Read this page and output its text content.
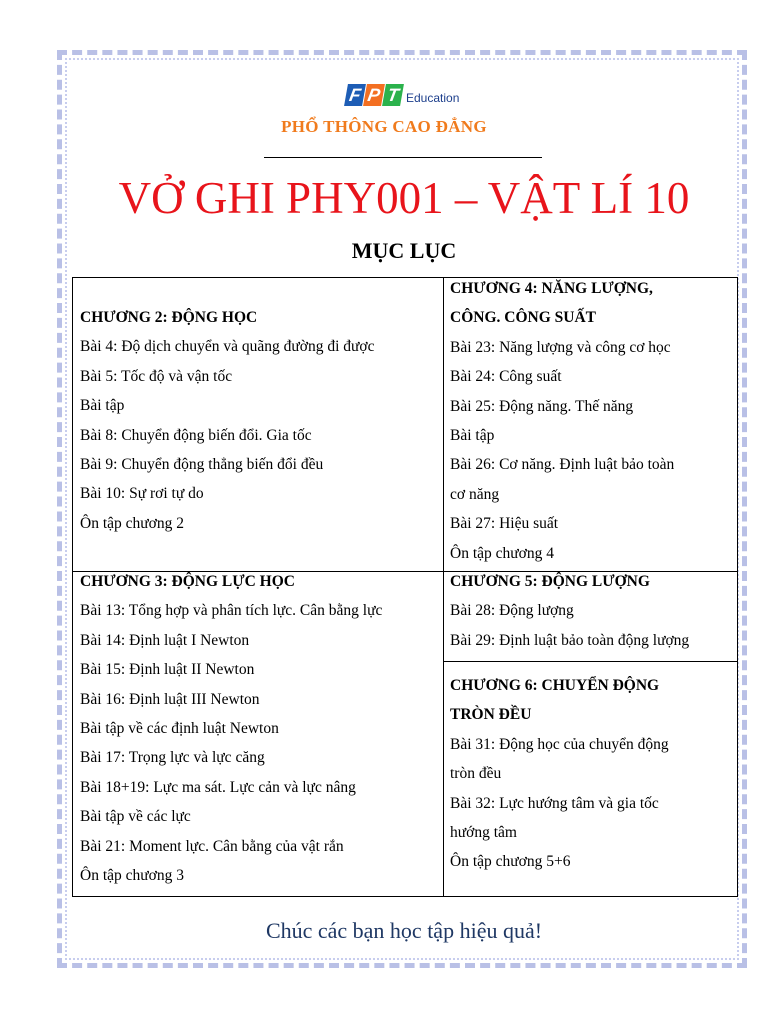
F P T Education
PHỔ THÔNG CAO ĐẲNG
VỞ GHI PHY001 – VẬT LÍ 10
MỤC LỤC
CHƯƠNG 2: ĐỘNG HỌC
Bài 4: Độ dịch chuyển và quãng đường đi được
Bài 5: Tốc độ và vận tốc
Bài tập
Bài 8: Chuyển động biến đổi. Gia tốc
Bài 9: Chuyển động thẳng biến đổi đều
Bài 10: Sự rơi tự do
Ôn tập chương 2
CHƯƠNG 4: NĂNG LƯỢNG,
CÔNG. CÔNG SUẤT
Bài 23: Năng lượng và công cơ học
Bài 24: Công suất
Bài 25: Động năng. Thế năng
Bài tập
Bài 26: Cơ năng. Định luật bảo toàn
cơ năng
Bài 27: Hiệu suất
Ôn tập chương 4
CHƯƠNG 3: ĐỘNG LỰC HỌC
Bài 13: Tổng hợp và phân tích lực. Cân bằng lực
Bài 14: Định luật I Newton
Bài 15: Định luật II Newton
Bài 16: Định luật III Newton
Bài tập về các định luật Newton
Bài 17: Trọng lực và lực căng
Bài 18+19: Lực ma sát. Lực cản và lực nâng
Bài tập về các lực
Bài 21: Moment lực. Cân bằng của vật rắn
Ôn tập chương 3
CHƯƠNG 5: ĐỘNG LƯỢNG
Bài 28: Động lượng
Bài 29: Định luật bảo toàn động lượng
CHƯƠNG 6: CHUYỂN ĐỘNG
TRÒN ĐỀU
Bài 31: Động học của chuyển động
tròn đều
Bài 32: Lực hướng tâm và gia tốc
hướng tâm
Ôn tập chương 5+6
Chúc các bạn học tập hiệu quả!
